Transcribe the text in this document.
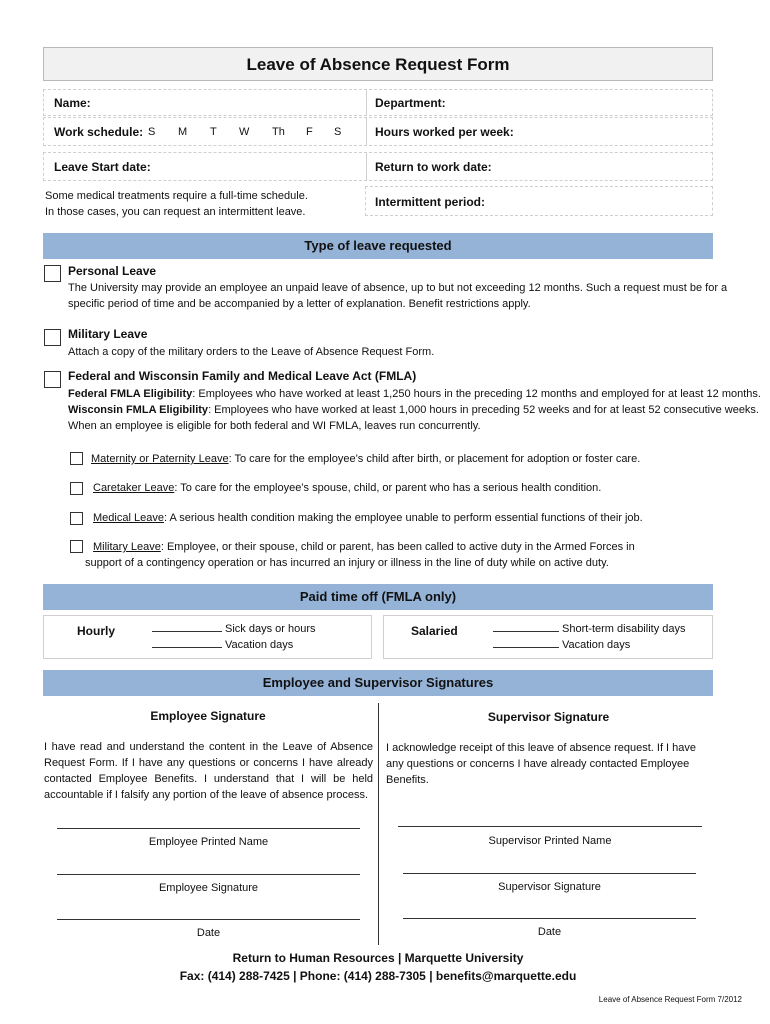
Leave of Absence Request Form
Name:	Department:
Work schedule: S M T W Th F S	Hours worked per week:
Leave Start date:	Return to work date:
Some medical treatments require a full-time schedule. In those cases, you can request an intermittent leave.
Intermittent period:
Type of leave requested
Personal Leave
The University may provide an employee an unpaid leave of absence, up to but not exceeding 12 months. Such a request must be for a specific period of time and be accompanied by a letter of explanation. Benefit restrictions apply.
Military Leave
Attach a copy of the military orders to the Leave of Absence Request Form.
Federal and Wisconsin Family and Medical Leave Act (FMLA)
Federal FMLA Eligibility: Employees who have worked at least 1,250 hours in the preceding 12 months and employed for at least 12 months.
Wisconsin FMLA Eligibility: Employees who have worked at least 1,000 hours in preceding 52 weeks and for at least 52 consecutive weeks.
When an employee is eligible for both federal and WI FMLA, leaves run concurrently.
Maternity or Paternity Leave: To care for the employee’s child after birth, or placement for adoption or foster care.
Caretaker Leave: To care for the employee’s spouse, child, or parent who has a serious health condition.
Medical Leave: A serious health condition making the employee unable to perform essential functions of their job.
Military Leave: Employee, or their spouse, child or parent, has been called to active duty in the Armed Forces in
support of a contingency operation or has incurred an injury or illness in the line of duty while on active duty.
Paid time off (FMLA only)
Hourly	Sick days or hours
Vacation days
Salaried	Short-term disability days
Vacation days
Employee and Supervisor Signatures
Employee Signature
I have read and understand the content in the Leave of Absence Request Form. If I have any questions or concerns I have already contacted Employee Benefits. I understand that I will be held accountable if I falsify any portion of the leave of absence process.
Employee Printed Name
Employee Signature
Date
Supervisor Signature
I acknowledge receipt of this leave of absence request. If I have any questions or concerns I have already contacted Employee Benefits.
Supervisor Printed Name
Supervisor Signature
Date
Return to Human Resources | Marquette University
Fax: (414) 288-7425 | Phone: (414) 288-7305 | benefits@marquette.edu
Leave of Absence Request Form 7/2012
